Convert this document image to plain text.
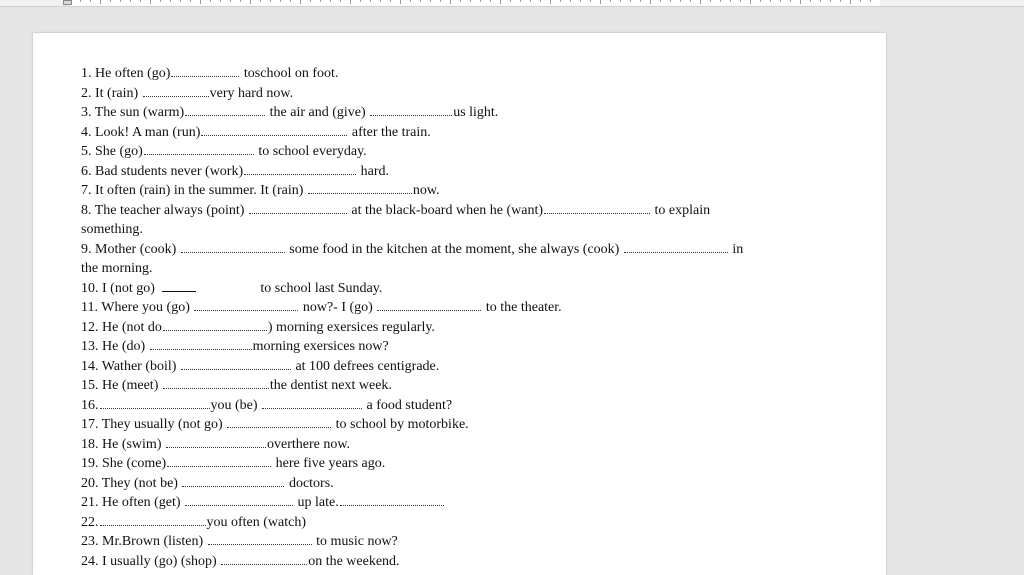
1. He often (go)	toschool on foot.
2. It (rain)	very hard now.
3. The sun (warm)	the air and (give)	us light.
4. Look! A man (run)	after the train.
5. She (go)	to school everyday.
6. Bad students never (work)	hard.
7. It often (rain) in the summer. It (rain)	now.
8. The teacher always (point)	at the black-board when he (want)	to explain
something.
9. Mother (cook)	some food in the kitchen at the moment, she always (cook)	in
the morning.
10. I (not go)	to school last Sunday.
11. Where you (go)	now?- I (go)	to the theater.
12. He (not do	) morning exersices regularly.
13. He (do)	morning exersices now?
14. Wather (boil)	at 100 defrees centigrade.
15. He (meet)	the dentist next week.
16.	you (be)	a food student?
17. They usually (not go)	to school by motorbike.
18. He (swim)	overthere now.
19. She (come)	here five years ago.
20. They (not be)	doctors.
21. He often (get)	up late.
22.	you often (watch)
23. Mr.Brown (listen)	to music now?
24. I usually (go) (shop)	on the weekend.
